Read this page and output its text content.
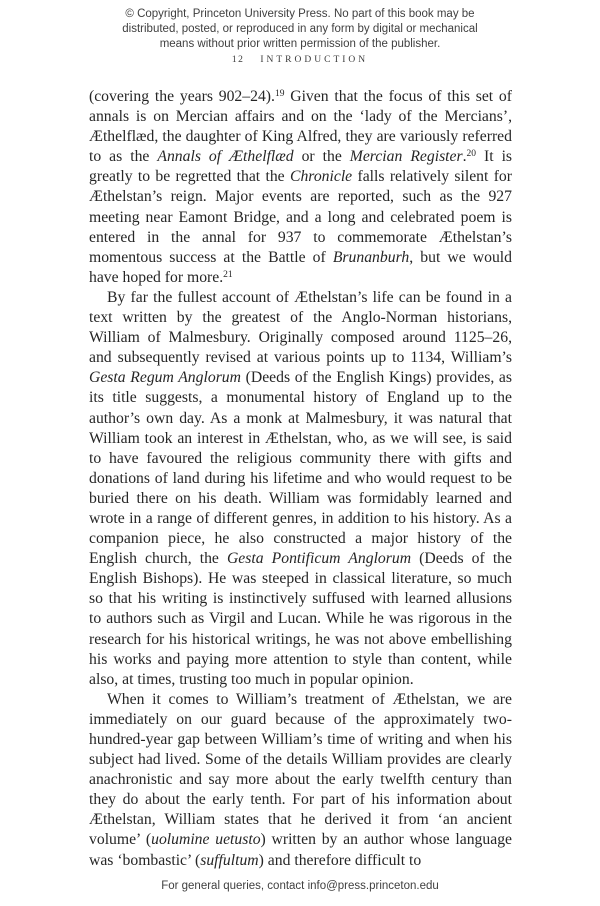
© Copyright, Princeton University Press. No part of this book may be
distributed, posted, or reproduced in any form by digital or mechanical
means without prior written permission of the publisher.
12 INTRODUCTION

(covering the years 902–24).$^{19}$ Given that the focus of this set of annals is on Mercian affairs and on the ‘lady of the Mercians’, Æthelflæd, the daughter of King Alfred, they are variously referred to as the Annals of Æthelflæd or the Mercian Register.$^{20}$ It is greatly to be regretted that the Chronicle falls relatively silent for Æthelstan’s reign. Major events are reported, such as the 927 meeting near Eamont Bridge, and a long and celebrated poem is entered in the annal for 937 to commemorate Æthelstan’s momentous success at the Battle of Brunanburh, but we would have hoped for more.$^{21}$

By far the fullest account of Æthelstan’s life can be found in a text written by the greatest of the Anglo-Norman historians, William of Malmesbury. Originally composed around 1125–26, and subsequently revised at various points up to 1134, William’s Gesta Regum Anglorum (Deeds of the English Kings) provides, as its title suggests, a monumental history of England up to the author’s own day. As a monk at Malmesbury, it was natural that William took an interest in Æthelstan, who, as we will see, is said to have favoured the religious community there with gifts and donations of land during his lifetime and who would request to be buried there on his death. William was formidably learned and wrote in a range of different genres, in addition to his history. As a companion piece, he also constructed a major history of the English church, the Gesta Pontificum Anglorum (Deeds of the English Bishops). He was steeped in classical literature, so much so that his writing is instinctively suffused with learned allusions to authors such as Virgil and Lucan. While he was rigorous in the research for his historical writings, he was not above embellishing his works and paying more attention to style than content, while also, at times, trusting too much in popular opinion.

When it comes to William’s treatment of Æthelstan, we are immediately on our guard because of the approximately two-hundred-year gap between William’s time of writing and when his subject had lived. Some of the details William provides are clearly anachronistic and say more about the early twelfth century than they do about the early tenth. For part of his information about Æthelstan, William states that he derived it from ‘an ancient volume’ (uolumine uetusto) written by an author whose language was ‘bombastic’ (suffultum) and therefore difficult to

For general queries, contact info@press.princeton.edu
